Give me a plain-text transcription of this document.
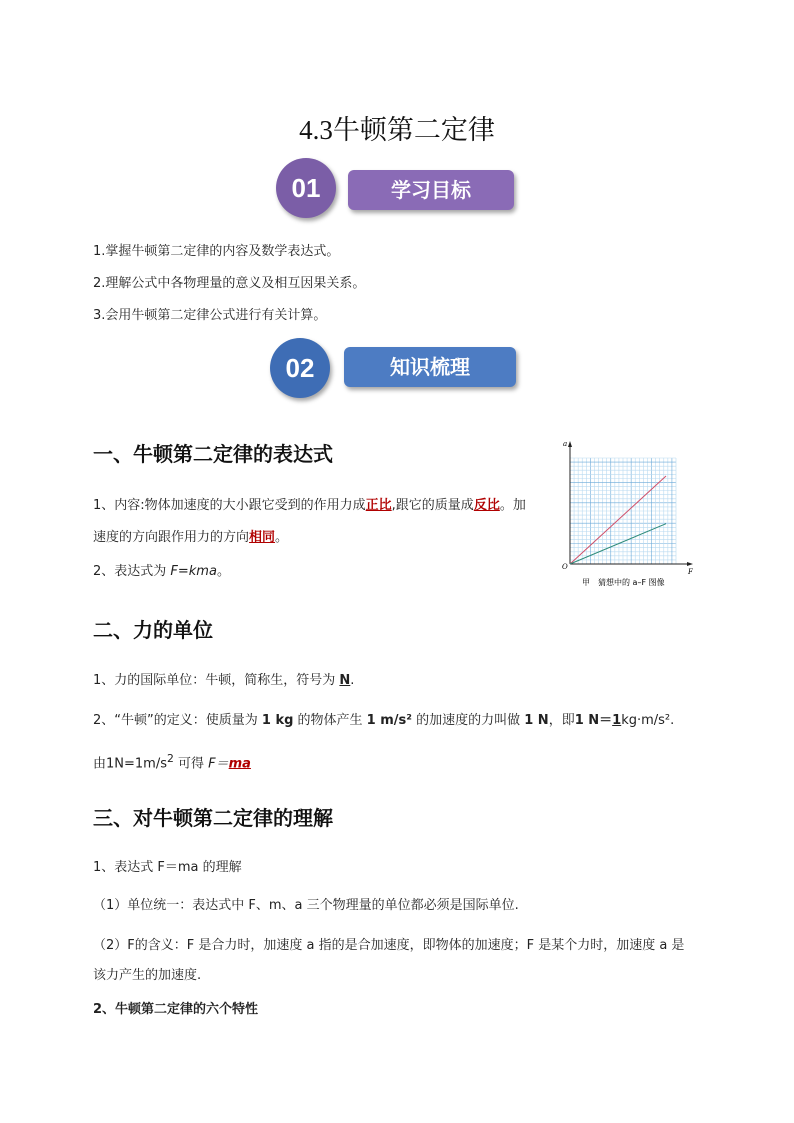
4.3牛顿第二定律
学习目标
01
1.掌握牛顿第二定律的内容及数学表达式。
2.理解公式中各物理量的意义及相互因果关系。
3.会用牛顿第二定律公式进行有关计算。
知识梳理
02
一、牛顿第二定律的表达式
1、内容:物体加速度的大小跟它受到的作用力成正比,跟它的质量成反比。加
速度的方向跟作用力的方向相同。
2、表达式为 F=kma。
a
F
O
甲　猜想中的 a–F 图像
二、力的单位
1、力的国际单位：牛顿，简称生，符号为 N.
2、“牛顿”的定义：使质量为 1 kg 的物体产生 1 m/s² 的加速度的力叫做 1 N，即1 N＝1kg·m/s².
由$1N=1m/s^2$ 可得 F＝ma
三、对牛顿第二定律的理解
1、表达式 F＝ma 的理解
（1）单位统一：表达式中 F、m、a 三个物理量的单位都必须是国际单位.
（2）F的含义：F 是合力时，加速度 a 指的是合加速度，即物体的加速度；F 是某个力时，加速度 a 是
该力产生的加速度.
2、牛顿第二定律的六个特性
